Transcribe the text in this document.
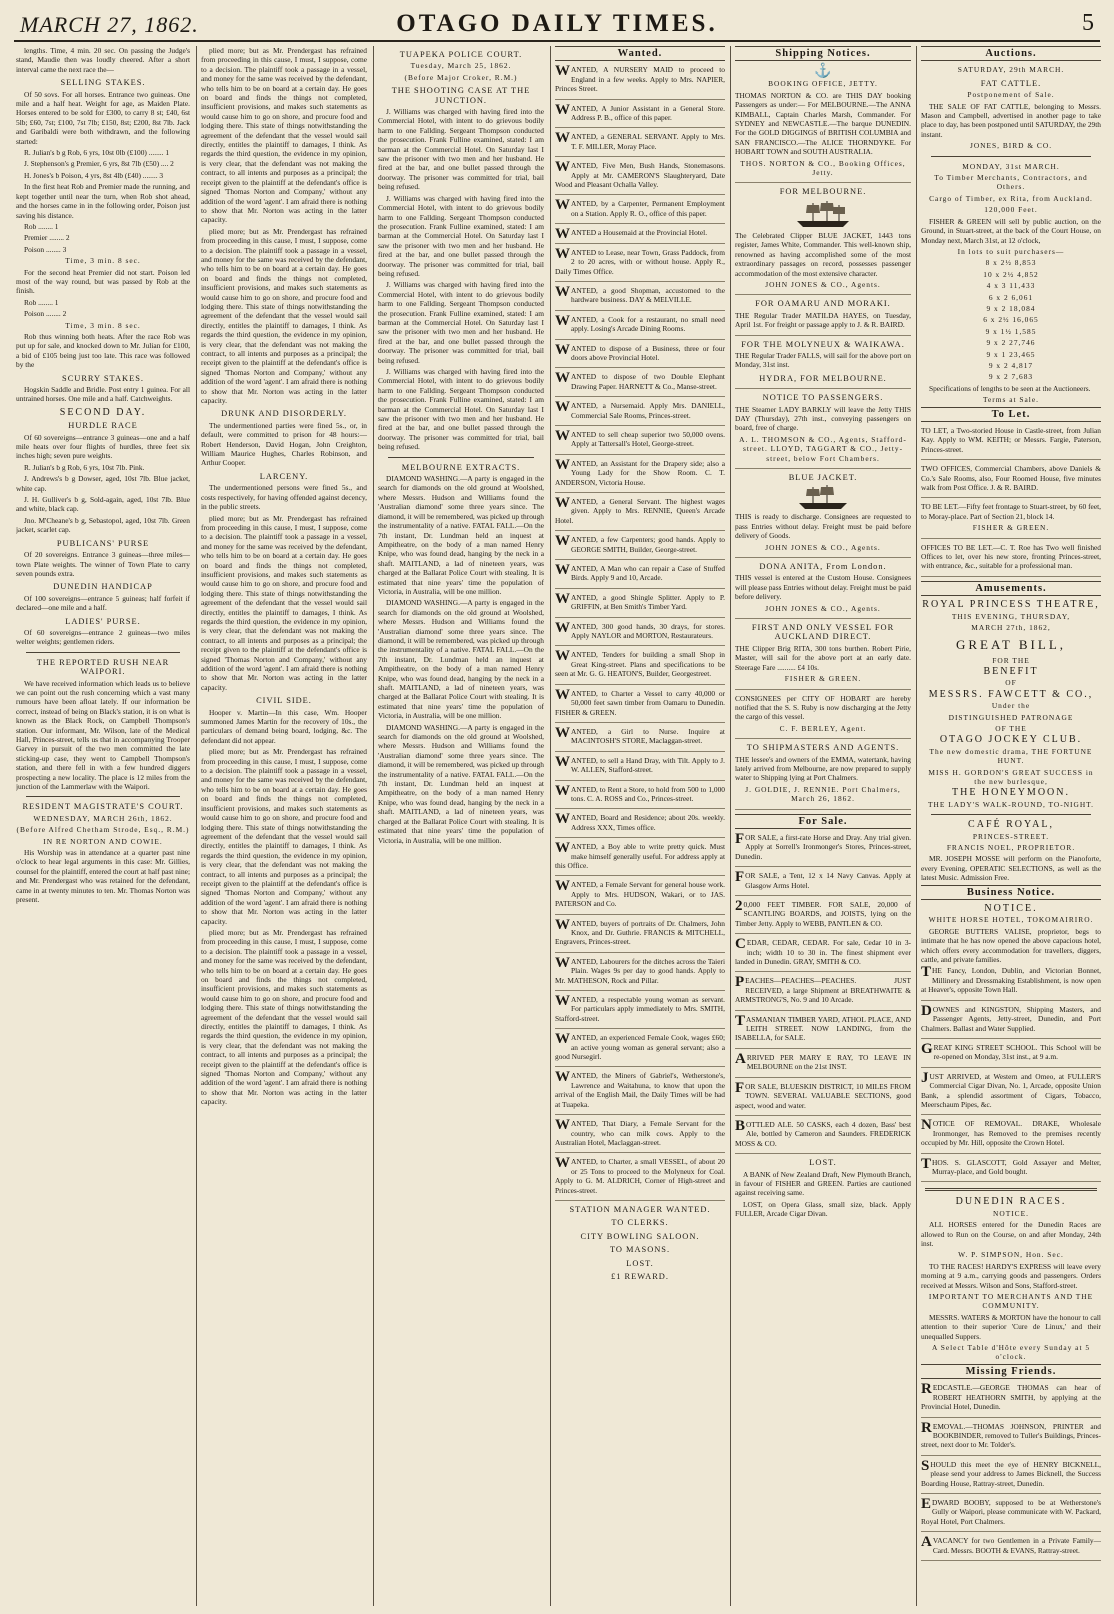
MARCH 27, 1862.	OTAGO DAILY TIMES.	5

lengths. Time, 4 min. 20 sec. On passing the Judge's stand, Maudie then was loudly cheered. After a short interval came the next race the—

SELLING STAKES.

Of 50 sovs. For all horses. Entrance two guineas. One mile and a half heat. Weight for age, as Maiden Plate. Horses entered to be sold for £300, to carry 8 st; £40, 6st 5lb; £60, 7st; £100, 7st 7lb; £150, 8st; £200, 8st 7lb. Jack and Garibaldi were both withdrawn, and the following started:

R. Julian's b g Rob, 6 yrs, 10st 0lb (£100) ........ 1

J. Stephenson's g Premier, 6 yrs, 8st 7lb (£50) .... 2

H. Jones's b Poison, 4 yrs, 8st 4lb (£40) ........ 3

In the first heat Rob and Premier made the running, and kept together until near the turn, when Rob shot ahead, and the horses came in in the following order, Poison just saving his distance.

Rob ........ 1

Premier ........ 2

Poison ........ 3

Time, 3 min. 8 sec.

For the second heat Premier did not start. Poison led most of the way round, but was passed by Rob at the finish.

Rob ........ 1

Poison ........ 2

Time, 3 min. 8 sec.

Rob thus winning both heats. After the race Rob was put up for sale, and knocked down to Mr. Julian for £100, a bid of £105 being just too late. This race was followed by the

SCURRY STAKES.

Hogskin Saddle and Bridle. Post entry 1 guinea. For all untrained horses. One mile and a half. Catchweights.

SECOND DAY.

HURDLE RACE

Of 60 sovereigns—entrance 3 guineas—one and a half mile heats over four flights of hurdles, three feet six inches high; seven pure weights.

R. Julian's b g Rob, 6 yrs, 10st 7lb. Pink.

J. Andrews's b g Dowser, aged, 10st 7lb. Blue jacket, white cap.

J. H. Gulliver's b g, Sold-again, aged, 10st 7lb. Blue and white, black cap.

Jno. M'Cheane's b g, Sebastopol, aged, 10st 7lb. Green jacket, scarlet cap.

PUBLICANS' PURSE

Of 20 sovereigns. Entrance 3 guineas—three miles—town Plate weights. The winner of Town Plate to carry seven pounds extra.

DUNEDIN HANDICAP

Of 100 sovereigns—entrance 5 guineas; half forfeit if declared—one mile and a half.

LADIES' PURSE.

Of 60 sovereigns—entrance 2 guineas—two miles welter weights; gentlemen riders.

THE REPORTED RUSH NEAR WAIPORI.

We have received information which leads us to believe we can point out the rush concerning which a vast many rumours have been afloat lately. If our information be correct, instead of being on Black's station, it is on what is known as the Black Rock, on Campbell Thompson's station. Our informant, Mr. Wilson, late of the Medical Hall, Princes-street, tells us that in accompanying Trooper Garvey in pursuit of the two men committed the late sticking-up case, they went to Campbell Thompson's station, and there fell in with a few hundred diggers prospecting a new locality. The place is 12 miles from the junction of the Lammerlaw with the Waipori.

RESIDENT MAGISTRATE'S COURT.

WEDNESDAY, MARCH 26th, 1862.

(Before Alfred Chetham Strode, Esq., R.M.)

IN RE NORTON AND COWIE.

His Worship was in attendance at a quarter past nine o'clock to hear legal arguments in this case: Mr. Gillies, counsel for the plaintiff, entered the court at half past nine; and Mr. Prendergast who was retained for the defendant, came in at twenty minutes to ten. Mr. Thomas Norton was present.

plied more; but as Mr. Prendergast has refrained from proceeding in this cause, I must, I suppose, come to a decision. The plaintiff took a passage in a vessel, and money for the same was received by the defendant, who tells him to be on board at a certain day. He goes on board and finds the things not completed, insufficient provisions, and makes such statements as would cause him to go on shore, and procure food and lodging there. This state of things notwithstanding the agreement of the defendant that the vessel would sail directly, entitles the plaintiff to damages, I think. As regards the third question, the evidence in my opinion, is very clear, that the defendant was not making the contract, to all intents and purposes as a principal; the receipt given to the plaintiff at the defendant's office is signed 'Thomas Norton and Company,' without any addition of the word 'agent'. I am afraid there is nothing to show that Mr. Norton was acting in the latter capacity.

plied more; but as Mr. Prendergast has refrained from proceeding in this cause, I must, I suppose, come to a decision. The plaintiff took a passage in a vessel, and money for the same was received by the defendant, who tells him to be on board at a certain day. He goes on board and finds the things not completed, insufficient provisions, and makes such statements as would cause him to go on shore, and procure food and lodging there. This state of things notwithstanding the agreement of the defendant that the vessel would sail directly, entitles the plaintiff to damages, I think. As regards the third question, the evidence in my opinion, is very clear, that the defendant was not making the contract, to all intents and purposes as a principal; the receipt given to the plaintiff at the defendant's office is signed 'Thomas Norton and Company,' without any addition of the word 'agent'. I am afraid there is nothing to show that Mr. Norton was acting in the latter capacity.

DRUNK AND DISORDERLY.

The undermentioned parties were fined 5s., or, in default, were committed to prison for 48 hours:—Robert Henderson, David Hogan, John Creighton, William Maurice Hughes, Charles Robinson, and Arthur Cooper.

LARCENY.

The undermentioned persons were fined 5s., and costs respectively, for having offended against decency, in the public streets.

plied more; but as Mr. Prendergast has refrained from proceeding in this cause, I must, I suppose, come to a decision. The plaintiff took a passage in a vessel, and money for the same was received by the defendant, who tells him to be on board at a certain day. He goes on board and finds the things not completed, insufficient provisions, and makes such statements as would cause him to go on shore, and procure food and lodging there. This state of things notwithstanding the agreement of the defendant that the vessel would sail directly, entitles the plaintiff to damages, I think. As regards the third question, the evidence in my opinion, is very clear, that the defendant was not making the contract, to all intents and purposes as a principal; the receipt given to the plaintiff at the defendant's office is signed 'Thomas Norton and Company,' without any addition of the word 'agent'. I am afraid there is nothing to show that Mr. Norton was acting in the latter capacity.

CIVIL SIDE.

Hooper v. Martin—In this case, Wm. Hooper summoned James Martin for the recovery of 10s., the particulars of demand being board, lodging, &c. The defendant did not appear.

plied more; but as Mr. Prendergast has refrained from proceeding in this cause, I must, I suppose, come to a decision. The plaintiff took a passage in a vessel, and money for the same was received by the defendant, who tells him to be on board at a certain day. He goes on board and finds the things not completed, insufficient provisions, and makes such statements as would cause him to go on shore, and procure food and lodging there. This state of things notwithstanding the agreement of the defendant that the vessel would sail directly, entitles the plaintiff to damages, I think. As regards the third question, the evidence in my opinion, is very clear, that the defendant was not making the contract, to all intents and purposes as a principal; the receipt given to the plaintiff at the defendant's office is signed 'Thomas Norton and Company,' without any addition of the word 'agent'. I am afraid there is nothing to show that Mr. Norton was acting in the latter capacity.

plied more; but as Mr. Prendergast has refrained from proceeding in this cause, I must, I suppose, come to a decision. The plaintiff took a passage in a vessel, and money for the same was received by the defendant, who tells him to be on board at a certain day. He goes on board and finds the things not completed, insufficient provisions, and makes such statements as would cause him to go on shore, and procure food and lodging there. This state of things notwithstanding the agreement of the defendant that the vessel would sail directly, entitles the plaintiff to damages, I think. As regards the third question, the evidence in my opinion, is very clear, that the defendant was not making the contract, to all intents and purposes as a principal; the receipt given to the plaintiff at the defendant's office is signed 'Thomas Norton and Company,' without any addition of the word 'agent'. I am afraid there is nothing to show that Mr. Norton was acting in the latter capacity.

TUAPEKA POLICE COURT.

Tuesday, March 25, 1862.

(Before Major Croker, R.M.)

THE SHOOTING CASE AT THE JUNCTION.

J. Williams was charged with having fired into the Commercial Hotel, with intent to do grievous bodily harm to one Fallding. Sergeant Thompson conducted the prosecution. Frank Fulline examined, stated: I am barman at the Commercial Hotel. On Saturday last I saw the prisoner with two men and her husband. He fired at the bar, and one bullet passed through the doorway. The prisoner was committed for trial, bail being refused.

J. Williams was charged with having fired into the Commercial Hotel, with intent to do grievous bodily harm to one Fallding. Sergeant Thompson conducted the prosecution. Frank Fulline examined, stated: I am barman at the Commercial Hotel. On Saturday last I saw the prisoner with two men and her husband. He fired at the bar, and one bullet passed through the doorway. The prisoner was committed for trial, bail being refused.

J. Williams was charged with having fired into the Commercial Hotel, with intent to do grievous bodily harm to one Fallding. Sergeant Thompson conducted the prosecution. Frank Fulline examined, stated: I am barman at the Commercial Hotel. On Saturday last I saw the prisoner with two men and her husband. He fired at the bar, and one bullet passed through the doorway. The prisoner was committed for trial, bail being refused.

J. Williams was charged with having fired into the Commercial Hotel, with intent to do grievous bodily harm to one Fallding. Sergeant Thompson conducted the prosecution. Frank Fulline examined, stated: I am barman at the Commercial Hotel. On Saturday last I saw the prisoner with two men and her husband. He fired at the bar, and one bullet passed through the doorway. The prisoner was committed for trial, bail being refused.

MELBOURNE EXTRACTS.

DIAMOND WASHING.—A party is engaged in the search for diamonds on the old ground at Woolshed, where Messrs. Hudson and Williams found the 'Australian diamond' some three years since. The diamond, it will be remembered, was picked up through the instrumentality of a native. FATAL FALL.—On the 7th instant, Dr. Lundman held an inquest at Ampitheatre, on the body of a man named Henry Knipe, who was found dead, hanging by the neck in a shaft. MAITLAND, a lad of nineteen years, was charged at the Ballarat Police Court with stealing. It is estimated that nine years' time the population of Victoria, in Australia, will be one million.

DIAMOND WASHING.—A party is engaged in the search for diamonds on the old ground at Woolshed, where Messrs. Hudson and Williams found the 'Australian diamond' some three years since. The diamond, it will be remembered, was picked up through the instrumentality of a native. FATAL FALL.—On the 7th instant, Dr. Lundman held an inquest at Ampitheatre, on the body of a man named Henry Knipe, who was found dead, hanging by the neck in a shaft. MAITLAND, a lad of nineteen years, was charged at the Ballarat Police Court with stealing. It is estimated that nine years' time the population of Victoria, in Australia, will be one million.

DIAMOND WASHING.—A party is engaged in the search for diamonds on the old ground at Woolshed, where Messrs. Hudson and Williams found the 'Australian diamond' some three years since. The diamond, it will be remembered, was picked up through the instrumentality of a native. FATAL FALL.—On the 7th instant, Dr. Lundman held an inquest at Ampitheatre, on the body of a man named Henry Knipe, who was found dead, hanging by the neck in a shaft. MAITLAND, a lad of nineteen years, was charged at the Ballarat Police Court with stealing. It is estimated that nine years' time the population of Victoria, in Australia, will be one million.

Wanted.

WANTED, A NURSERY MAID to proceed to England in a few weeks. Apply to Mrs. NAPIER, Princes Street.

WANTED, A Junior Assistant in a General Store. Address P. B., office of this paper.

WANTED, a GENERAL SERVANT. Apply to Mrs. T. F. MILLER, Moray Place.

WANTED, Five Men, Bush Hands, Stonemasons. Apply at Mr. CAMERON'S Slaughteryard, Date Wood and Pleasant Ochalla Valley.

WANTED, by a Carpenter, Permanent Employment on a Station. Apply R. O., office of this paper.

WANTED a Housemaid at the Provincial Hotel.

WANTED to Lease, near Town, Grass Paddock, from 2 to 20 acres, with or without house. Apply R., Daily Times Office.

WANTED, a good Shopman, accustomed to the hardware business. DAY & MELVILLE.

WANTED, a Cook for a restaurant, no small need apply. Losing's Arcade Dining Rooms.

WANTED to dispose of a Business, three or four doors above Provincial Hotel.

WANTED to dispose of two Double Elephant Drawing Paper. HARNETT & Co., Manse-street.

WANTED, a Nursemaid. Apply Mrs. DANIELL, Commercial Sale Rooms, Princes-street.

WANTED to sell cheap superior two 50,000 ovens. Apply at Tattersall's Hotel, George-street.

WANTED, an Assistant for the Drapery side; also a Young Lady for the Show Room. C. T. ANDERSON, Victoria House.

WANTED, a General Servant. The highest wages given. Apply to Mrs. RENNIE, Queen's Arcade Hotel.

WANTED, a few Carpenters; good hands. Apply to GEORGE SMITH, Builder, George-street.

WANTED, A Man who can repair a Case of Stuffed Birds. Apply 9 and 10, Arcade.

WANTED, a good Shingle Splitter. Apply to P. GRIFFIN, at Ben Smith's Timber Yard.

WANTED, 300 good hands, 30 drays, for stores. Apply NAYLOR and MORTON, Restaurateurs.

WANTED, Tenders for building a small Shop in Great King-street. Plans and specifications to be seen at Mr. G. G. HEATON'S, Builder, Georgestreet.

WANTED, to Charter a Vessel to carry 40,000 or 50,000 feet sawn timber from Oamaru to Dunedin. FISHER & GREEN.

WANTED, a Girl to Nurse. Inquire at MACINTOSH'S STORE, Maclaggan-street.

WANTED, to sell a Hand Dray, with Tilt. Apply to J. W. ALLEN, Stafford-street.

WANTED, to Rent a Store, to hold from 500 to 1,000 tons. C. A. ROSS and Co., Princes-street.

WANTED, Board and Residence; about 20s. weekly. Address XXX, Times office.

WANTED, a Boy able to write pretty quick. Must make himself generally useful. For address apply at this Office.

WANTED, a Female Servant for general house work. Apply to Mrs. HUDSON, Wakari, or to JAS. PATERSON and Co.

WANTED, buyers of portraits of Dr. Chalmers, John Knox, and Dr. Guthrie. FRANCIS & MITCHELL, Engravers, Princes-street.

WANTED, Labourers for the ditches across the Taieri Plain. Wages 9s per day to good hands. Apply to Mr. MATHESON, Rock and Pillar.

WANTED, a respectable young woman as servant. For particulars apply immediately to Mrs. SMITH, Stafford-street.

WANTED, an experienced Female Cook, wages £60; an active young woman as general servant; also a good Nursegirl.

WANTED, the Miners of Gabriel's, Wetherstone's, Lawrence and Waitahuna, to know that upon the arrival of the English Mail, the Daily Times will be had at Tuapeka.

WANTED, That Diary, a Female Servant for the country, who can milk cows. Apply to the Australian Hotel, Maclaggan-street.

WANTED, to Charter, a small VESSEL, of about 20 or 25 Tons to proceed to the Molyneux for Coal. Apply to G. M. ALDRICH, Corner of High-street and Princes-street.

STATION MANAGER WANTED.

TO CLERKS.

CITY BOWLING SALOON.

TO MASONS.

LOST.

£1 REWARD.

Shipping Notices.
⚓

BOOKING OFFICE, JETTY.

THOMAS NORTON & CO. are THIS DAY booking Passengers as under:— For MELBOURNE.—The ANNA KIMBALL, Captain Charles Marsh, Commander. For SYDNEY and NEWCASTLE.—The barque DUNEDIN. For the GOLD DIGGINGS of BRITISH COLUMBIA and SAN FRANCISCO.—The ALICE THORNDYKE. For HOBART TOWN and SOUTH AUSTRALIA.

THOS. NORTON & CO., Booking Offices, Jetty.

FOR MELBOURNE.

The Celebrated Clipper BLUE JACKET, 1443 tons register, James White, Commander. This well-known ship, renowned as having accomplished some of the most extraordinary passages on record, possesses passenger accommodation of the most extensive character.

JOHN JONES & CO., Agents.

FOR OAMARU AND MORAKI.

THE Regular Trader MATILDA HAYES, on Tuesday, April 1st. For freight or passage apply to J. & R. BAIRD.

FOR THE MOLYNEUX & WAIKAWA.

THE Regular Trader FALLS, will sail for the above port on Monday, 31st inst.

HYDRA, FOR MELBOURNE.

NOTICE TO PASSENGERS.

THE Steamer LADY BARKLY will leave the Jetty THIS DAY (Thursday), 27th inst., conveying passengers on board, free of charge.

A. L. THOMSON & CO., Agents, Stafford-street. LLOYD, TAGGART & CO., Jetty-street, below Fort Chambers.

BLUE JACKET.

THIS is ready to discharge. Consignees are requested to pass Entries without delay. Freight must be paid before delivery of Goods.

JOHN JONES & CO., Agents.

DONA ANITA, From London.

THIS vessel is entered at the Custom House. Consignees will please pass Entries without delay. Freight must be paid before delivery.

JOHN JONES & CO., Agents.

FIRST AND ONLY VESSEL FOR AUCKLAND DIRECT.

THE Clipper Brig RITA, 300 tons burthen. Robert Pirie, Master, will sail for the above port at an early date. Steerage Fare .......... £4 10s.

FISHER & GREEN.

CONSIGNEES per CITY OF HOBART are hereby notified that the S. S. Ruby is now discharging at the Jetty the cargo of this vessel.

C. F. BERLEY, Agent.

TO SHIPMASTERS AND AGENTS.

THE lessee's and owners of the EMMA, watertank, having lately arrived from Melbourne, are now prepared to supply water to Shipping lying at Port Chalmers.

J. GOLDIE, J. RENNIE. Port Chalmers, March 26, 1862.

For Sale.

FOR SALE, a first-rate Horse and Dray. Any trial given. Apply at Sorrell's Ironmonger's Stores, Princes-street, Dunedin.

FOR SALE, a Tent, 12 x 14 Navy Canvas. Apply at Glasgow Arms Hotel.

20,000 FEET TIMBER. FOR SALE, 20,000 of SCANTLING BOARDS, and JOISTS, lying on the Timber Jetty. Apply to WEBB, PANTLEN & CO.

CEDAR, CEDAR, CEDAR. For sale, Cedar 10 in 3-inch; width 10 to 30 in. The finest shipment ever landed in Dunedin. GRAY, SMITH & CO.

PEACHES—PEACHES—PEACHES. JUST RECEIVED, a large Shipment at BREATHWAITE & ARMSTRONG'S, No. 9 and 10 Arcade.

TASMANIAN TIMBER YARD, ATHOL PLACE, AND LEITH STREET. NOW LANDING, from the ISABELLA, for SALE.

ARRIVED PER MARY E RAY, TO LEAVE IN MELBOURNE on the 21st INST.

FOR SALE, BLUESKIN DISTRICT, 10 MILES FROM TOWN. SEVERAL VALUABLE SECTIONS, good aspect, wood and water.

BOTTLED ALE. 50 CASKS, each 4 dozen, Bass' best Ale, bottled by Cameron and Saunders. FREDERICK MOSS & CO.

LOST.

A BANK of New Zealand Draft, New Plymouth Branch, in favour of FISHER and GREEN. Parties are cautioned against receiving same.

LOST, on Opera Glass, small size, black. Apply FULLER, Arcade Cigar Divan.

Auctions.

SATURDAY, 29th MARCH.

FAT CATTLE.

Postponement of Sale.

THE SALE OF FAT CATTLE, belonging to Messrs. Mason and Campbell, advertised in another page to take place to day, has been postponed until SATURDAY, the 29th instant.

JONES, BIRD & CO.

MONDAY, 31st MARCH.

To Timber Merchants, Contractors, and Others.

Cargo of Timber, ex Rita, from Auckland.

120,000 Feet.

FISHER & GREEN will sell by public auction, on the Ground, in Stuart-street, at the back of the Court House, on Monday next, March 31st, at 12 o'clock,

In lots to suit purchasers—

8 x 2½ 8,853

10 x 2½ 4,852

4 x 3 11,433

6 x 2 6,061

9 x 2 18,084

6 x 2½ 16,065

9 x 1½ 1,585

9 x 2 27,746

9 x 1 23,465

9 x 2 4,817

9 x 2 7,683

Specifications of lengths to be seen at the Auctioneers.

Terms at Sale.

To Let.

TO LET, a Two-storied House in Castle-street, from Julian Kay. Apply to WM. KEITH; or Messrs. Fargie, Paterson, Princes-street.

TWO OFFICES, Commercial Chambers, above Daniels & Co.'s Sale Rooms, also, Four Roomed House, five minutes walk from Post Office. J. & R. BAIRD.

TO BE LET.—Fifty feet frontage to Stuart-street, by 60 feet, to Moray-place. Part of Section 21, block 14.

FISHER & GREEN.

OFFICES TO BE LET.—C. T. Roe has Two well finished Offices to let, over his new store, fronting Princes-street, with entrance, &c., suitable for a professional man.

Amusements.

ROYAL PRINCESS THEATRE,

THIS EVENING, THURSDAY,

MARCH 27th, 1862,

GREAT BILL,

FOR THE

BENEFIT

OF

MESSRS. FAWCETT & CO.,

Under the

DISTINGUISHED PATRONAGE

OF THE

OTAGO JOCKEY CLUB.

The new domestic drama, THE FORTUNE HUNT.

MISS H. GORDON'S GREAT SUCCESS in the new burlesque,

THE HONEYMOON.

THE LADY'S WALK-ROUND, TO-NIGHT.

CAFÉ ROYAL,

PRINCES-STREET.

FRANCIS NOEL, PROPRIETOR.

MR. JOSEPH MOSSE will perform on the Pianoforte, every Evening, OPERATIC SELECTIONS, as well as the latest Music. Admission Free.

Business Notice.

NOTICE.

WHITE HORSE HOTEL, TOKOMAIRIRO.

GEORGE BUTTERS VALISE, proprietor, begs to intimate that he has now opened the above capacious hotel, which offers every accommodation for travellers, diggers, cattle, and private families.

THE Fancy, London, Dublin, and Victorian Bonnet, Millinery and Dressmaking Establishment, is now open at Heaver's, opposite Town Hall.

DOWNES and KINGSTON, Shipping Masters, and Passenger Agents, Jetty-street, Dunedin, and Port Chalmers. Ballast and Water Supplied.

GREAT KING STREET SCHOOL. This School will be re-opened on Monday, 31st inst., at 9 a.m.

JUST ARRIVED, at Western and Omeo, at FULLER'S Commercial Cigar Divan, No. 1, Arcade, opposite Union Bank, a splendid assortment of Cigars, Tobacco, Meerschaum Pipes, &c.

NOTICE OF REMOVAL. DRAKE, Wholesale Ironmonger, has Removed to the premises recently occupied by Mr. Hill, opposite the Crown Hotel.

THOS. S. GLASCOTT, Gold Assayer and Melter, Murray-place, and Gold bought.

DUNEDIN RACES.

NOTICE.

ALL HORSES entered for the Dunedin Races are allowed to Run on the Course, on and after Monday, 24th inst.

W. P. SIMPSON, Hon. Sec.

TO THE RACES! HARDY'S EXPRESS will leave every morning at 9 a.m., carrying goods and passengers. Orders received at Messrs. Wilson and Sons, Stafford-street.

IMPORTANT TO MERCHANTS AND THE COMMUNITY.

MESSRS. WATERS & MORTON have the honour to call attention to their superior 'Cure de Linux,' and their unequalled Suppers.

A Select Table d'Hôte every Sunday at 5 o'clock.

Missing Friends.

REDCASTLE.—GEORGE THOMAS can hear of ROBERT HEATHORN SMITH, by applying at the Provincial Hotel, Dunedin.

REMOVAL.—THOMAS JOHNSON, PRINTER and BOOKBINDER, removed to Tuller's Buildings, Princes-street, next door to Mr. Tolder's.

SHOULD this meet the eye of HENRY BICKNELL, please send your address to James Bicknell, the Success Boarding House, Rattray-street, Dunedin.

EDWARD BOOBY, supposed to be at Wetherstone's Gully or Waipori, please communicate with W. Packard, Royal Hotel, Port Chalmers.

AVACANCY for two Gentlemen in a Private Family—Card. Messrs. BOOTH & EVANS, Rattray-street.
